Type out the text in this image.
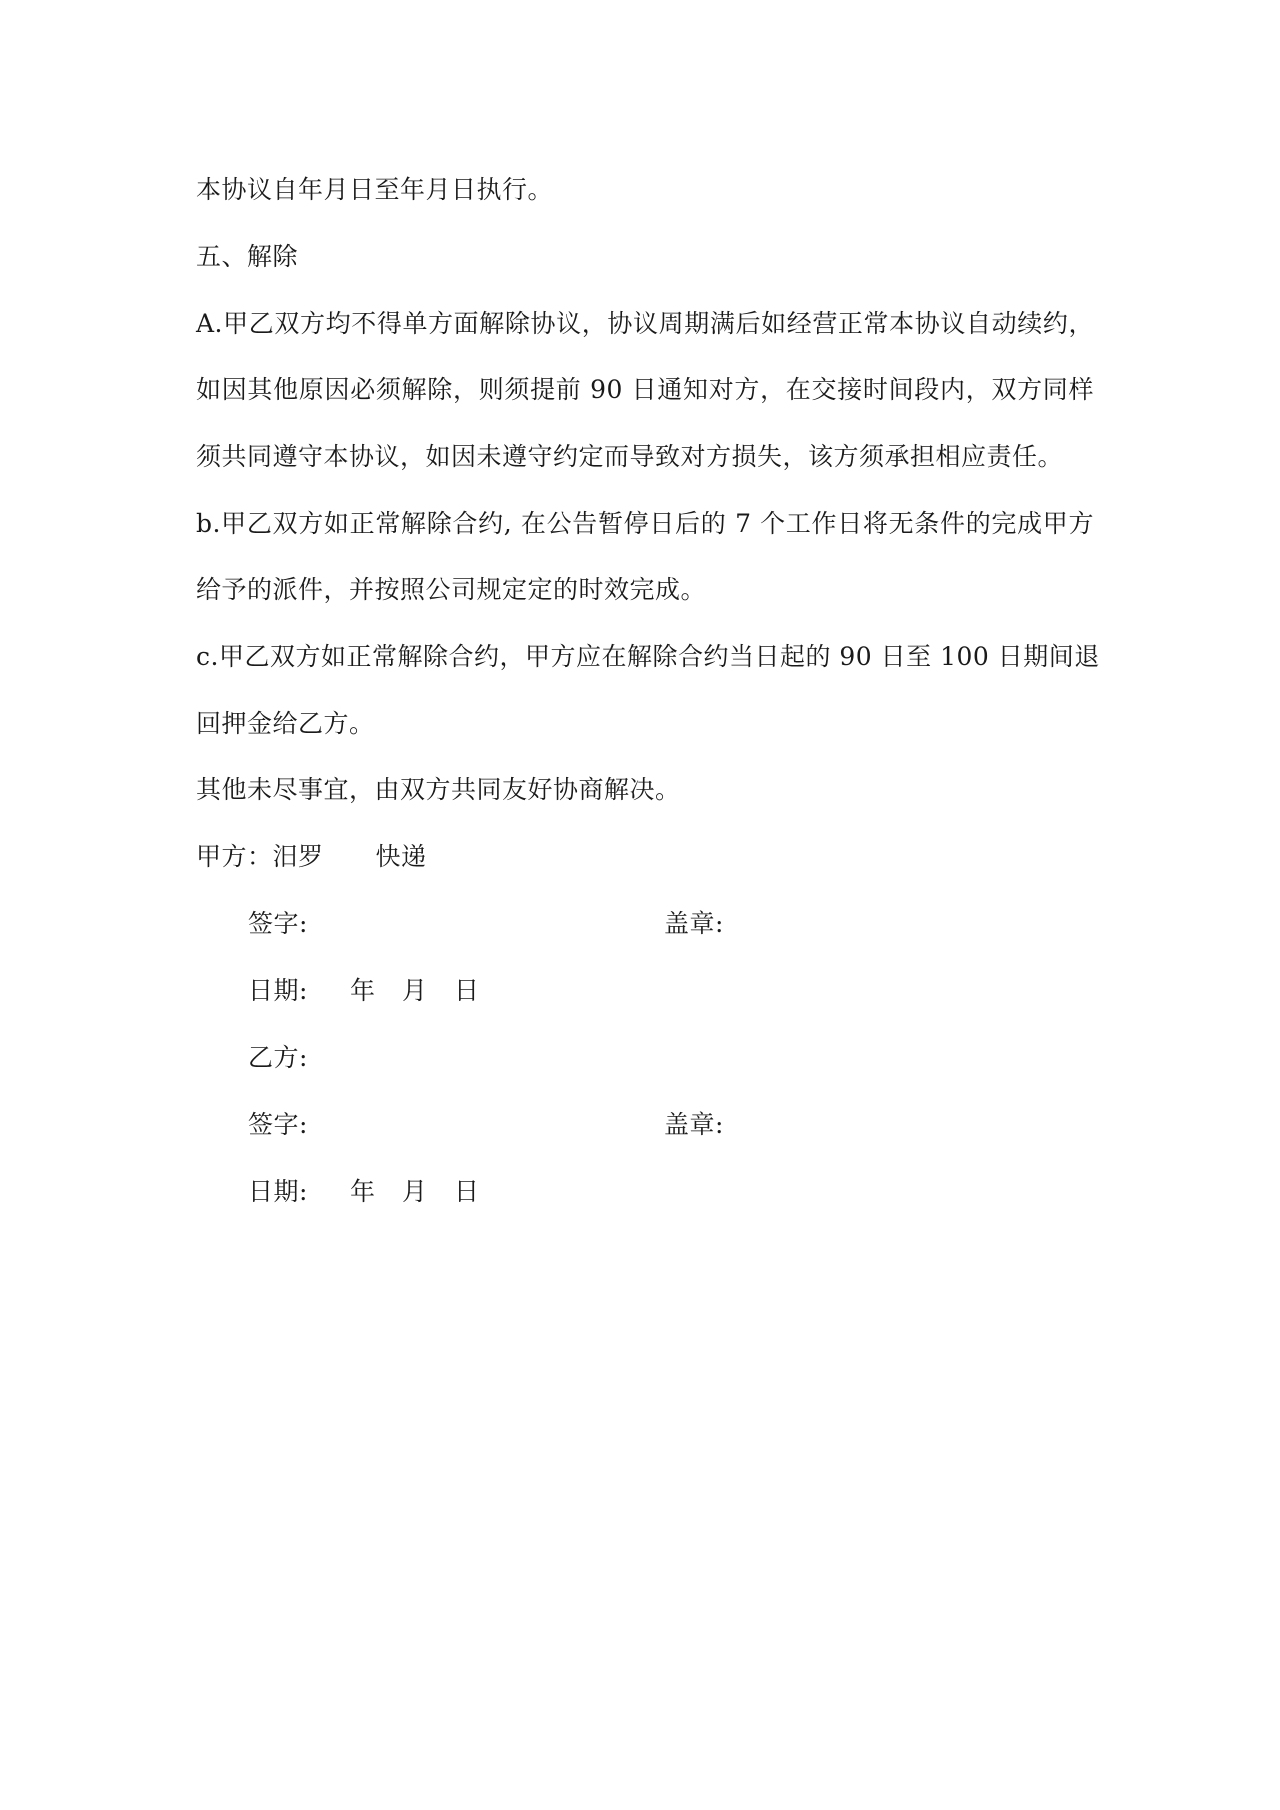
本协议自年月日至年月日执行。
五、解除
A.甲乙双方均不得单方面解除协议，协议周期满后如经营正常本协议自动续约，
如因其他原因必须解除，则须提前 90 日通知对方，在交接时间段内，双方同样
须共同遵守本协议，如因未遵守约定而导致对方损失，该方须承担相应责任。
b.甲乙双方如正常解除合约, 在公告暂停日后的 7 个工作日将无条件的完成甲方
给予的派件，并按照公司规定定的时效完成。
c.甲乙双方如正常解除合约，甲方应在解除合约当日起的 90 日至 100 日期间退
回押金给乙方。
其他未尽事宜，由双方共同友好协商解决。
甲方：汨罗 快递
签字:	盖章:
日期: 年 月 日
乙方:
签字:	盖章:
日期: 年 月 日
